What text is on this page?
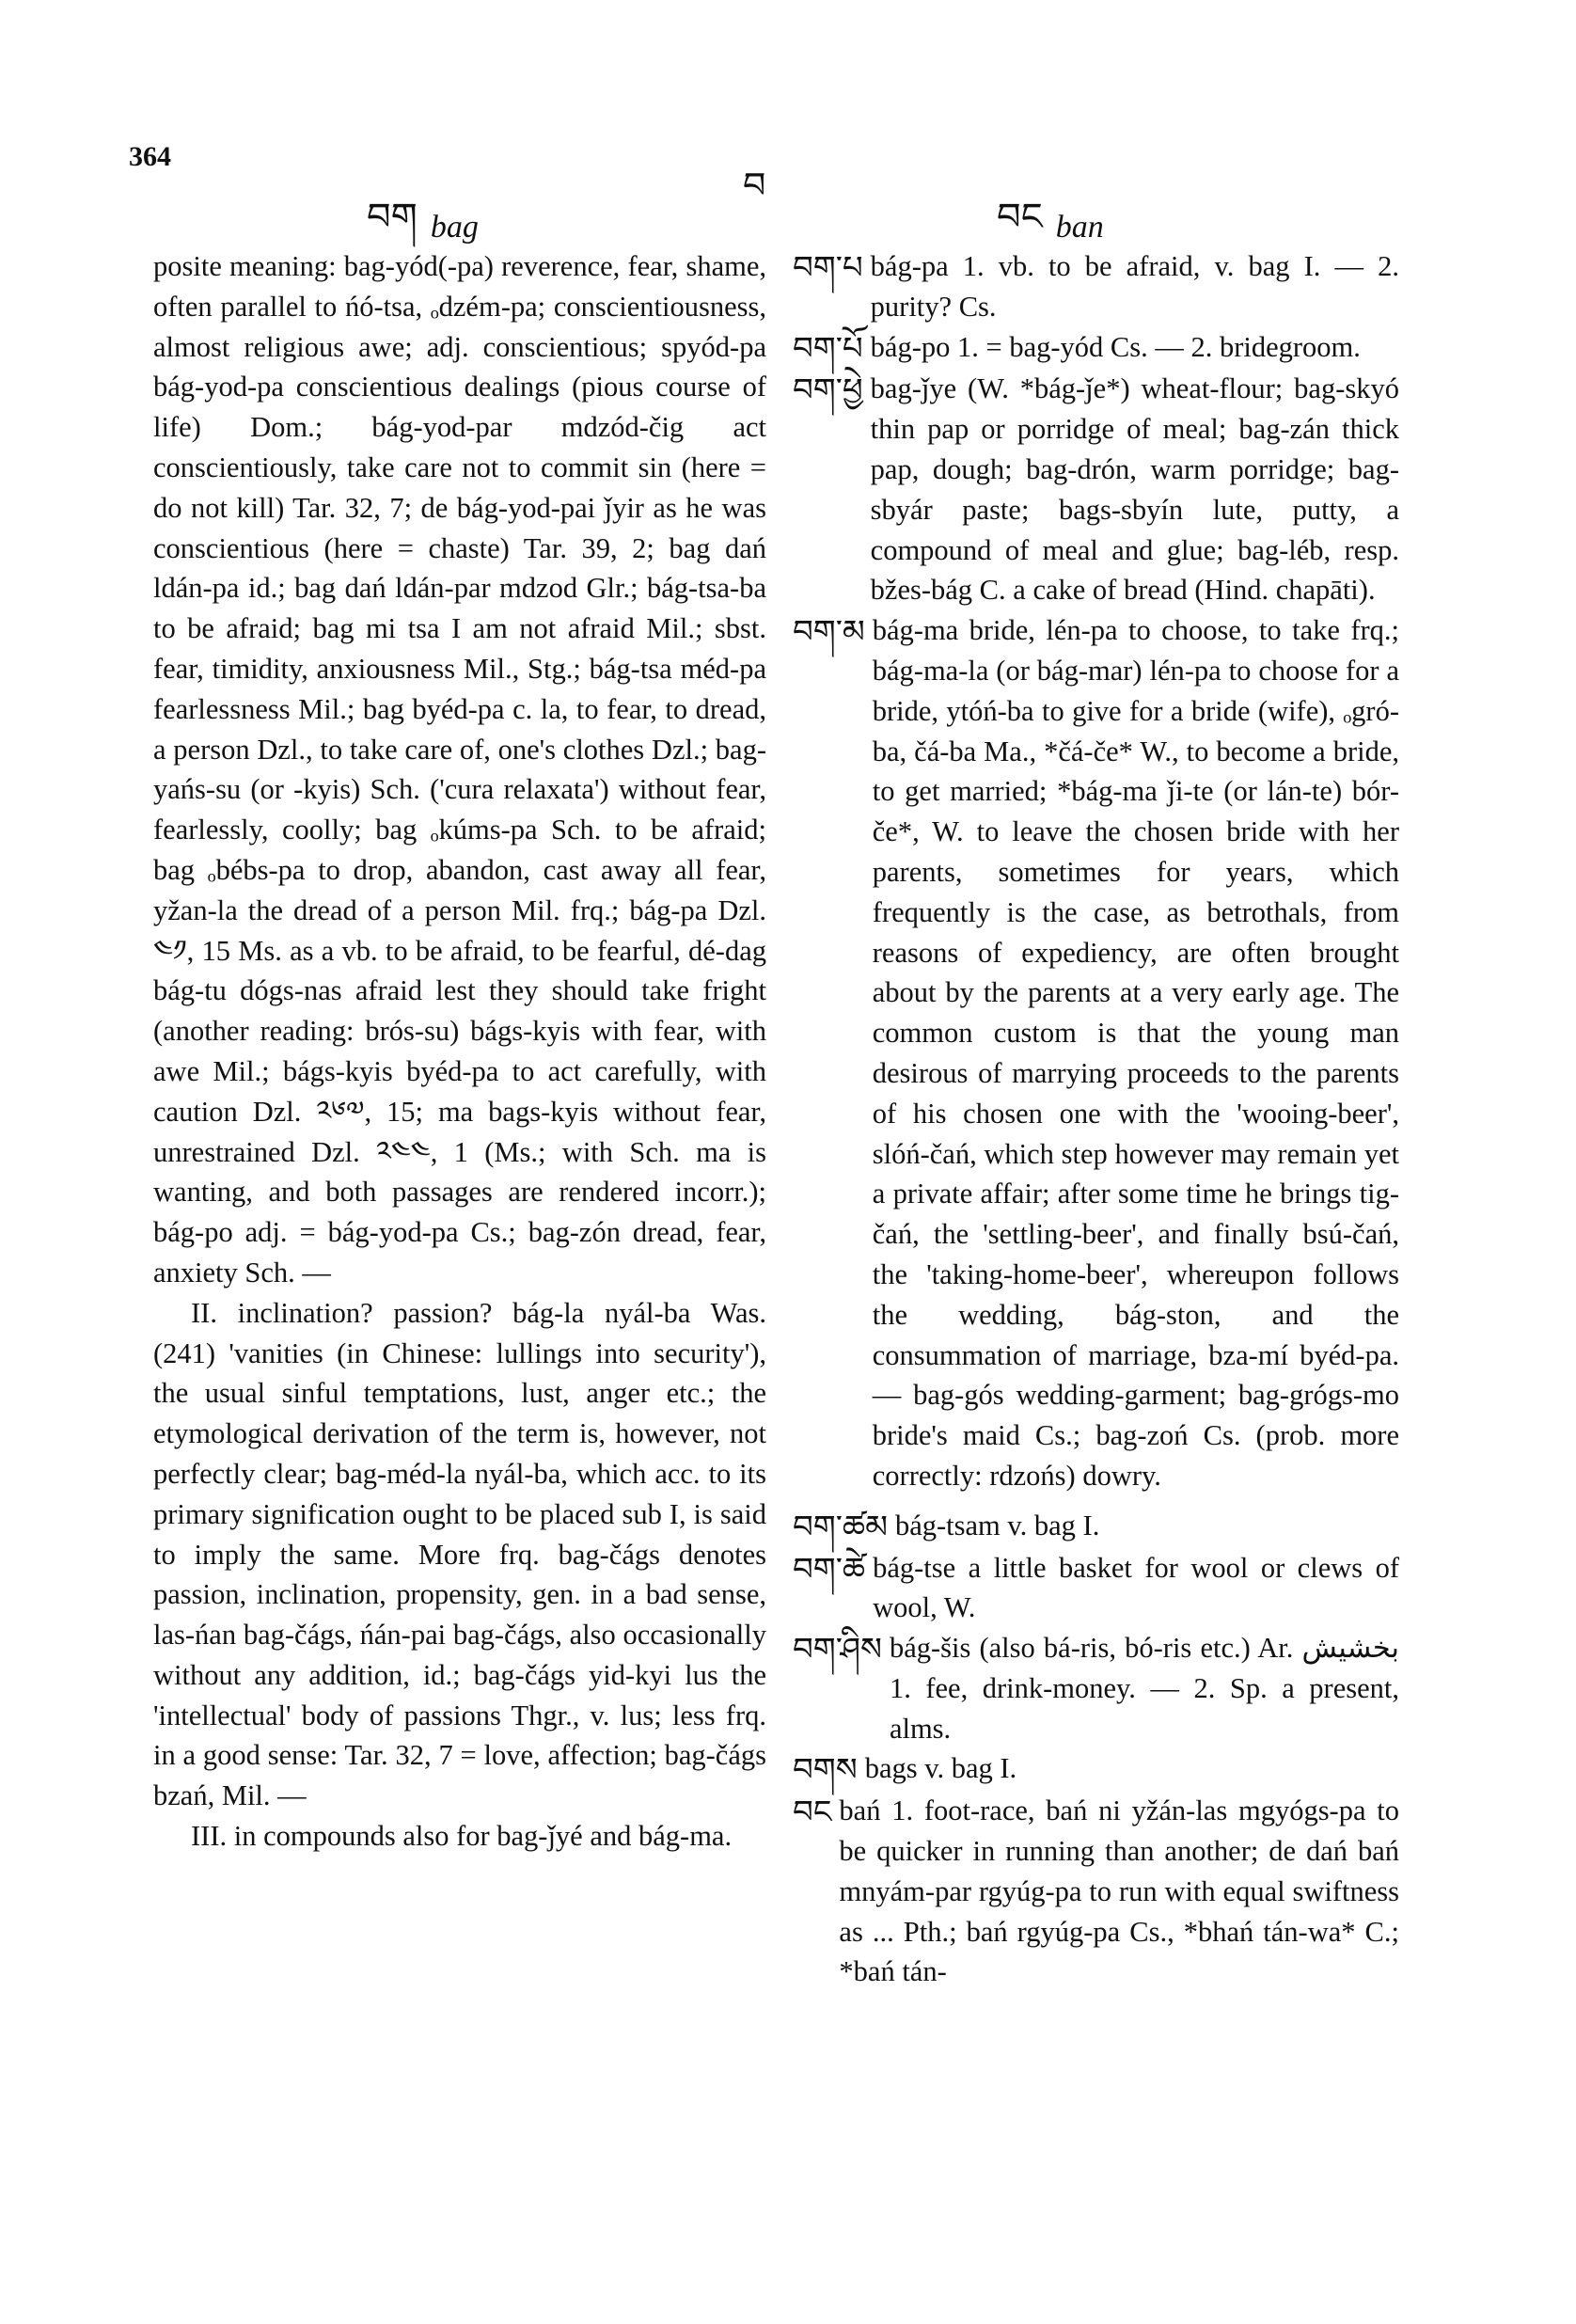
364
བག bag
བ
བང ban

posite meaning: bag-yód(-pa) reverence, fear, shame, often parallel to ńó-tsa, ₒdzém-pa; conscientiousness, almost religious awe; adj. conscientious; spyód-pa bág-yod-pa conscientious dealings (pious course of life) Dom.; bág-yod-par mdzód-čig act conscientiously, take care not to commit sin (here = do not kill) Tar. 32, 7; de bág-yod-pai ǰyir as he was conscientious (here = chaste) Tar. 39, 2; bag dań ldán-pa id.; bag dań ldán-par mdzod Glr.; bág-tsa-ba to be afraid; bag mi tsa I am not afraid Mil.; sbst. fear, timidity, anxiousness Mil., Stg.; bág-tsa méd-pa fearlessness Mil.; bag byéd-pa c. la, to fear, to dread, a person Dzl., to take care of, one's clothes Dzl.; bag-yańs-su (or -kyis) Sch. ('cura relaxata') without fear, fearlessly, coolly; bag ₒkúms-pa Sch. to be afraid; bag ₒbébs-pa to drop, abandon, cast away all fear, yžan-la the dread of a person Mil. frq.; bág-pa Dzl. ༤༡, 15 Ms. as a vb. to be afraid, to be fearful, dé-dag bág-tu dógs-nas afraid lest they should take fright (another reading: brós-su) bágs-kyis with fear, with awe Mil.; bágs-kyis byéd-pa to act carefully, with caution Dzl. ༢༦༧, 15; ma bags-kyis without fear, unrestrained Dzl. ༢༤༤, 1 (Ms.; with Sch. ma is wanting, and both passages are rendered incorr.); bág-po adj. = bág-yod-pa Cs.; bag-zón dread, fear, anxiety Sch. —

II. inclination? passion? bág-la nyál-ba Was. (241) 'vanities (in Chinese: lullings into security'), the usual sinful temptations, lust, anger etc.; the etymological derivation of the term is, however, not perfectly clear; bag-méd-la nyál-ba, which acc. to its primary signification ought to be placed sub I, is said to imply the same. More frq. bag-čágs denotes passion, inclination, propensity, gen. in a bad sense, las-ńan bag-čágs, ńán-pai bag-čágs, also occasionally without any addition, id.; bag-čágs yid-kyi lus the 'intellectual' body of passions Thgr., v. lus; less frq. in a good sense: Tar. 32, 7 = love, affection; bag-čágs bzań, Mil. —

III. in compounds also for bag-ǰyé and bág-ma.

བག་པ bág-pa 1. vb. to be afraid, v. bag I. — 2. purity? Cs.
བག་པོ bág-po 1. = bag-yód Cs. — 2. bridegroom.
བག་ཕྱེ bag-ǰye (W. *bág-ǰe*) wheat-flour; bag-skyó thin pap or porridge of meal; bag-zán thick pap, dough; bag-drón, warm porridge; bag-sbyár paste; bags-sbyín lute, putty, a compound of meal and glue; bag-léb, resp. bžes-bág C. a cake of bread (Hind. chapāti).
བག་མ bág-ma bride, lén-pa to choose, to take frq.; bág-ma-la (or bág-mar) lén-pa to choose for a bride, ytóń-ba to give for a bride (wife), ₒgró-ba, čá-ba Ma., *čá-če* W., to become a bride, to get married; *bág-ma ǰi-te (or lán-te) bór-če*, W. to leave the chosen bride with her parents, sometimes for years, which frequently is the case, as betrothals, from reasons of expediency, are often brought about by the parents at a very early age. The common custom is that the young man desirous of marrying proceeds to the parents of his chosen one with the 'wooing-beer', slóń-čań, which step however may remain yet a private affair; after some time he brings tig-čań, the 'settling-beer', and finally bsú-čań, the 'taking-home-beer', whereupon follows the wedding, bág-ston, and the consummation of marriage, bza-mí byéd-pa. — bag-gós wedding-garment; bag-grógs-mo bride's maid Cs.; bag-zoń Cs. (prob. more correctly: rdzońs) dowry.
བག་ཚམ bág-tsam v. bag I.
བག་ཚེ bág-tse a little basket for wool or clews of wool, W.
བག་ཤིས bág-šis (also bá-ris, bó-ris etc.) Ar. بخشیش 1. fee, drink-money. — 2. Sp. a present, alms.
བགས bags v. bag I.
བང bań 1. foot-race, bań ni yžán-las mgyógs-pa to be quicker in running than another; de dań bań mnyám-par rgyúg-pa to run with equal swiftness as ... Pth.; bań rgyúg-pa Cs., *bhań tán-wa* C.; *bań tán-
